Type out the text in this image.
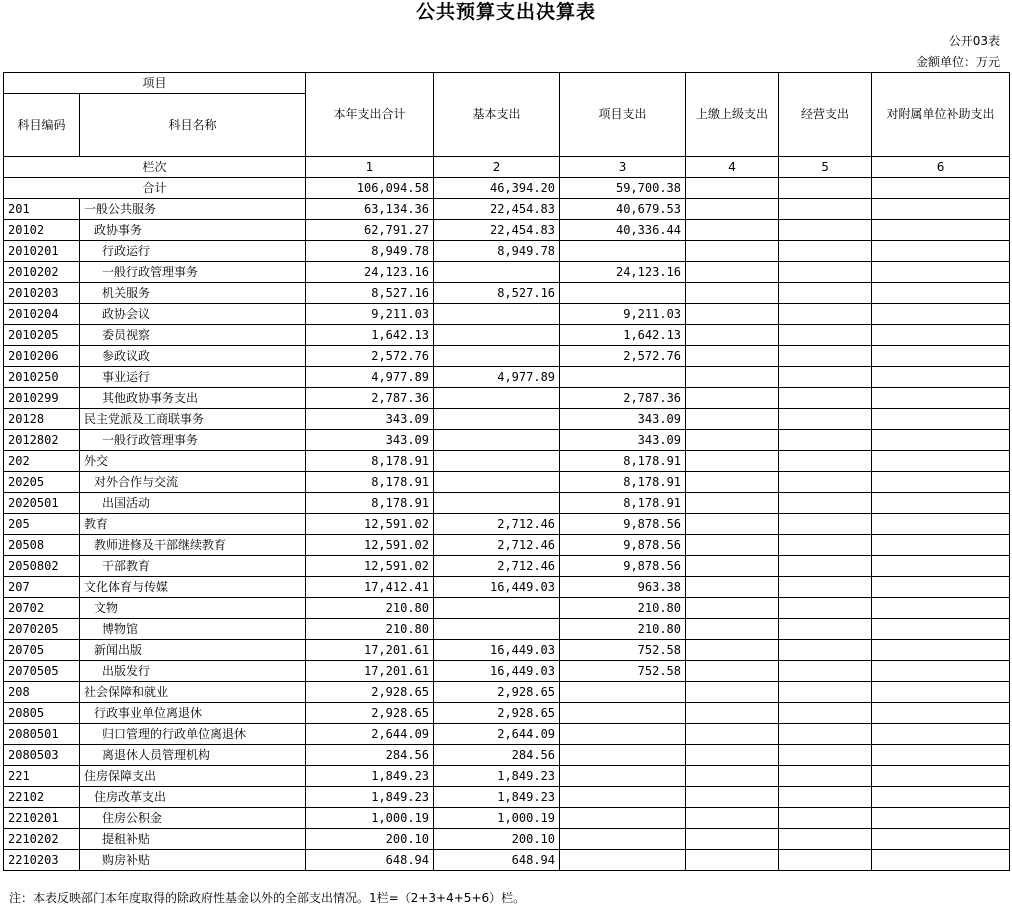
公共预算支出决算表
公开03表
金额单位：万元
项目		本年支出合计	基本支出	项目支出	上缴上级支出	经营支出	对附属单位补助支出
科目编码	科目名称						
栏次		1	2	3	4	5	6
合计		106,094.58	46,394.20	59,700.38			
201	一般公共服务	63,134.36	22,454.83	40,679.53			
20102	政协事务	62,791.27	22,454.83	40,336.44			
2010201	行政运行	8,949.78	8,949.78				
2010202	一般行政管理事务	24,123.16		24,123.16			
2010203	机关服务	8,527.16	8,527.16				
2010204	政协会议	9,211.03		9,211.03			
2010205	委员视察	1,642.13		1,642.13			
2010206	参政议政	2,572.76		2,572.76			
2010250	事业运行	4,977.89	4,977.89				
2010299	其他政协事务支出	2,787.36		2,787.36			
20128	民主党派及工商联事务	343.09		343.09			
2012802	一般行政管理事务	343.09		343.09			
202	外交	8,178.91		8,178.91			
20205	对外合作与交流	8,178.91		8,178.91			
2020501	出国活动	8,178.91		8,178.91			
205	教育	12,591.02	2,712.46	9,878.56			
20508	教师进修及干部继续教育	12,591.02	2,712.46	9,878.56			
2050802	干部教育	12,591.02	2,712.46	9,878.56			
207	文化体育与传媒	17,412.41	16,449.03	963.38			
20702	文物	210.80		210.80			
2070205	博物馆	210.80		210.80			
20705	新闻出版	17,201.61	16,449.03	752.58			
2070505	出版发行	17,201.61	16,449.03	752.58			
208	社会保障和就业	2,928.65	2,928.65				
20805	行政事业单位离退休	2,928.65	2,928.65				
2080501	归口管理的行政单位离退休	2,644.09	2,644.09				
2080503	离退休人员管理机构	284.56	284.56				
221	住房保障支出	1,849.23	1,849.23				
22102	住房改革支出	1,849.23	1,849.23				
2210201	住房公积金	1,000.19	1,000.19				
2210202	提租补贴	200.10	200.10				
2210203	购房补贴	648.94	648.94				
注：本表反映部门本年度取得的除政府性基金以外的全部支出情况。1栏=（2+3+4+5+6）栏。
